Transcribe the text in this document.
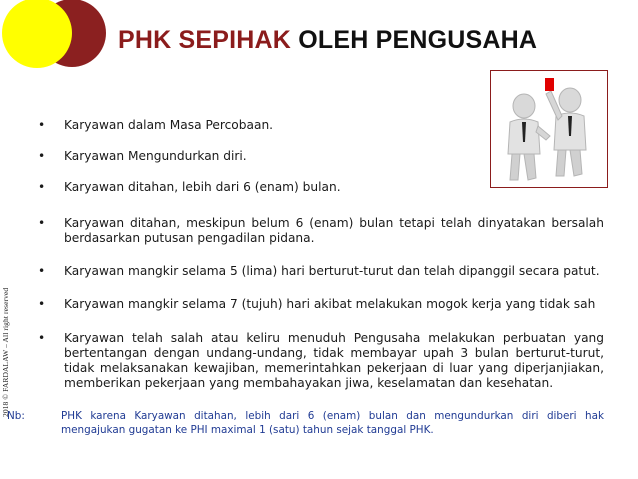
PHK SEPIHAK OLEH PENGUSAHA
2018 © FARDALAW – All right reserved
• Karyawan dalam Masa Percobaan.
• Karyawan Mengundurkan diri.
• Karyawan ditahan, lebih dari 6 (enam) bulan.
• Karyawan ditahan, meskipun belum 6 (enam) bulan tetapi telah dinyatakan bersalah berdasarkan putusan pengadilan pidana.
• Karyawan mangkir selama 5 (lima) hari berturut-turut dan telah dipanggil secara patut.
• Karyawan mangkir selama 7 (tujuh) hari akibat melakukan mogok kerja yang tidak sah
• Karyawan telah salah atau keliru menuduh Pengusaha melakukan perbuatan yang bertentangan dengan undang-undang, tidak membayar upah 3 bulan berturut-turut, tidak melaksanakan kewajiban, memerintahkan pekerjaan di luar yang diperjanjiakan, memberikan pekerjaan yang membahayakan jiwa, keselamatan dan kesehatan.
Nb:	PHK karena Karyawan ditahan, lebih dari 6 (enam) bulan dan mengundurkan diri diberi hak mengajukan gugatan ke PHI maximal 1 (satu) tahun sejak tanggal PHK.
